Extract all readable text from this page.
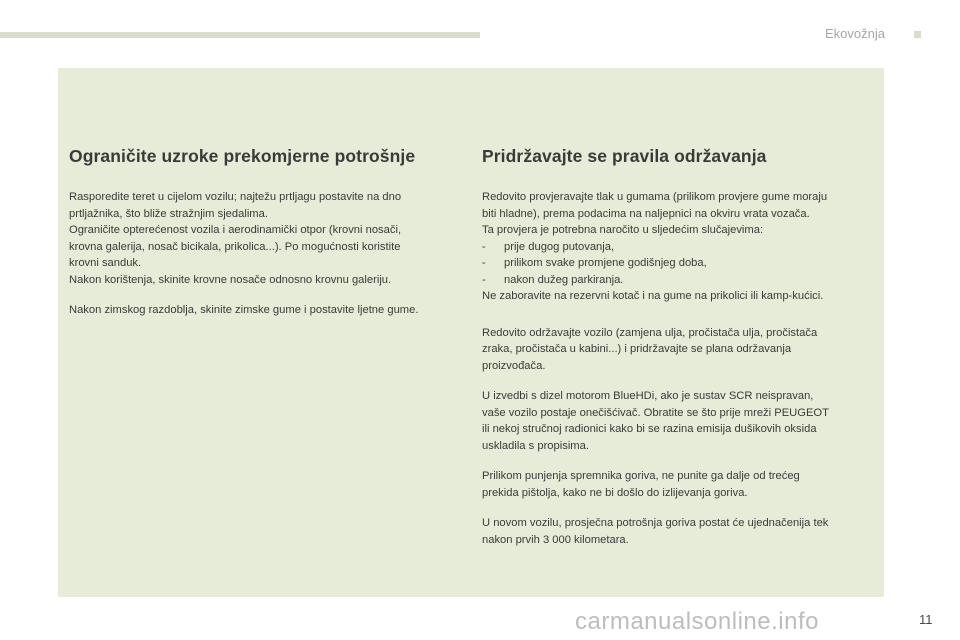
Ekovožnja
Ograničite uzroke prekomjerne potrošnje

Rasporedite teret u cijelom vozilu; najtežu prtljagu postavite na dno
prtljažnika, što bliže stražnjim sjedalima.
Ograničite opterećenost vozila i aerodinamički otpor (krovni nosači,
krovna galerija, nosač bicikala, prikolica...). Po mogućnosti koristite
krovni sanduk.
Nakon korištenja, skinite krovne nosače odnosno krovnu galeriju.

Nakon zimskog razdoblja, skinite zimske gume i postavite ljetne gume.

Pridržavajte se pravila održavanja

Redovito provjeravajte tlak u gumama (prilikom provjere gume moraju
biti hladne), prema podacima na naljepnici na okviru vrata vozača.
Ta provjera je potrebna naročito u sljedećim slučajevima:
- prije dugog putovanja,
- prilikom svake promjene godišnjeg doba,
- nakon dužeg parkiranja.
Ne zaboravite na rezervni kotač i na gume na prikolici ili kamp-kućici.

Redovito održavajte vozilo (zamjena ulja, pročistača ulja, pročistača
zraka, pročistača u kabini...) i pridržavajte se plana održavanja
proizvođača.

U izvedbi s dizel motorom BlueHDi, ako je sustav SCR neispravan,
vaše vozilo postaje onečišćivač. Obratite se što prije mreži PEUGEOT
ili nekoj stručnoj radionici kako bi se razina emisija dušikovih oksida
uskladila s propisima.

Prilikom punjenja spremnika goriva, ne punite ga dalje od trećeg
prekida pištolja, kako ne bi došlo do izlijevanja goriva.

U novom vozilu, prosječna potrošnja goriva postat će ujednačenija tek
nakon prvih 3 000 kilometara.

carmanualsonline.info	11
